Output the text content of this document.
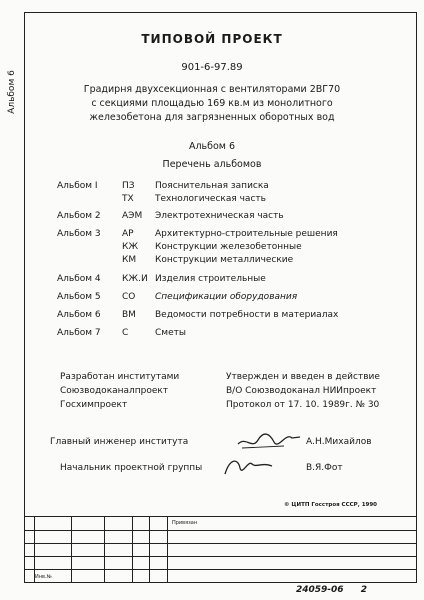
Альбом 6
ТИПОВОЙ ПРОЕКТ
901-6-97.89
Градирня двухсекционная с вентиляторами 2ВГ70
с секциями площадью 169 кв.м из монолитного
железобетона для загрязненных оборотных вод
Альбом 6
Перечень альбомов
Альбом I	ПЗ Пояснительная записка
ТХ Технологическая часть
Альбом 2 АЭМ Электротехническая часть
Альбом 3 АР Архитектурно-строительные решения
КЖ Конструкции железобетонные
КМ Конструкции металлические
Альбом 4 КЖ.И Изделия строительные
Альбом 5 СО Спецификации оборудования
Альбом 6 ВМ Ведомости потребности в материалах
Альбом 7 С	Сметы
Разработан институтами
Союзводоканалпроект
Госхимпроект
Утвержден и введен в действие
В/О Союзводоканал НИИпроект
Протокол от 17. 10. 1989г. № 30
Главный инженер института	А.Н.Михайлов
Начальник проектной группы	В.Я.Фот
© ЦИТП Госстроя СССР, 1990
Привязан
Инв.№
24059-06 2
